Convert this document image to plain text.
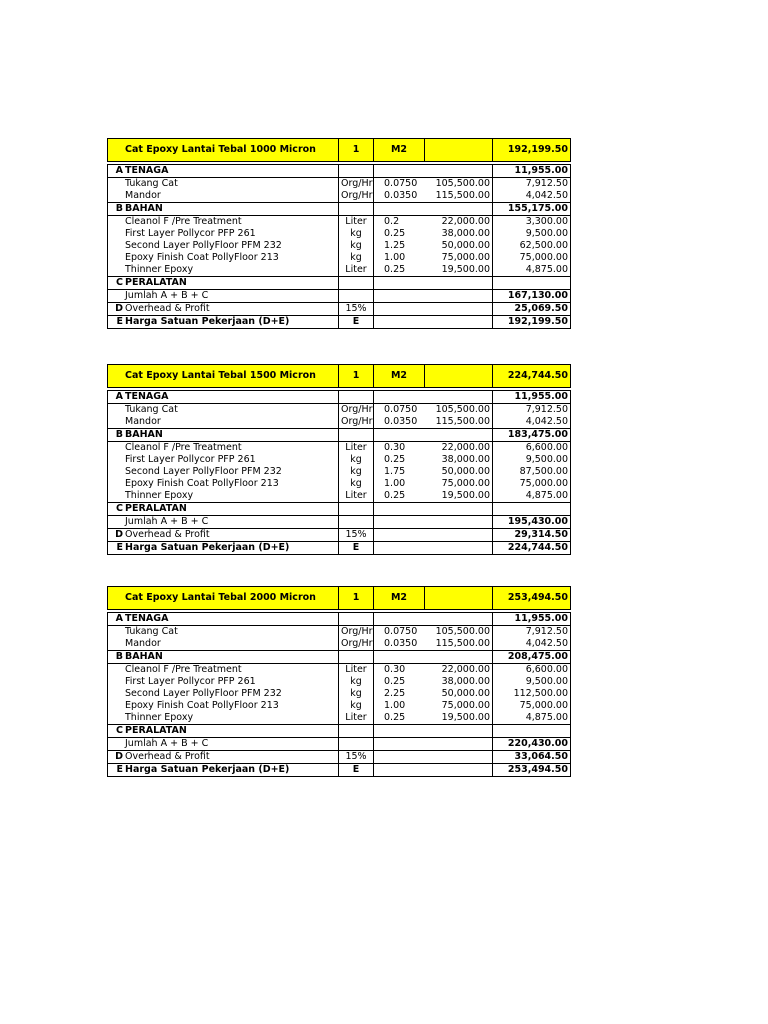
	Cat Epoxy Lantai Tebal 1000 Micron	1	M2		192,199.50

A	TENAGA				11,955.00
	Tukang Cat	Org/Hr	0.0750	105,500.00	7,912.50
	Mandor	Org/Hr	0.0350	115,500.00	4,042.50
B	BAHAN				155,175.00
	Cleanol F /Pre Treatment	Liter	0.2	22,000.00	3,300.00
	First Layer Pollycor PFP 261	kg	0.25	38,000.00	9,500.00
	Second Layer PollyFloor PFM 232	kg	1.25	50,000.00	62,500.00
	Epoxy Finish Coat PollyFloor 213	kg	1.00	75,000.00	75,000.00
	Thinner Epoxy	Liter	0.25	19,500.00	4,875.00
C	PERALATAN				
	Jumlah A + B + C				167,130.00
D	Overhead & Profit	15%			25,069.50
E	Harga Satuan Pekerjaan (D+E)	E			192,199.50
	Cat Epoxy Lantai Tebal 1500 Micron	1	M2		224,744.50

A	TENAGA				11,955.00
	Tukang Cat	Org/Hr	0.0750	105,500.00	7,912.50
	Mandor	Org/Hr	0.0350	115,500.00	4,042.50
B	BAHAN				183,475.00
	Cleanol F /Pre Treatment	Liter	0.30	22,000.00	6,600.00
	First Layer Pollycor PFP 261	kg	0.25	38,000.00	9,500.00
	Second Layer PollyFloor PFM 232	kg	1.75	50,000.00	87,500.00
	Epoxy Finish Coat PollyFloor 213	kg	1.00	75,000.00	75,000.00
	Thinner Epoxy	Liter	0.25	19,500.00	4,875.00
C	PERALATAN				
	Jumlah A + B + C				195,430.00
D	Overhead & Profit	15%			29,314.50
E	Harga Satuan Pekerjaan (D+E)	E			224,744.50
	Cat Epoxy Lantai Tebal 2000 Micron	1	M2		253,494.50

A	TENAGA				11,955.00
	Tukang Cat	Org/Hr	0.0750	105,500.00	7,912.50
	Mandor	Org/Hr	0.0350	115,500.00	4,042.50
B	BAHAN				208,475.00
	Cleanol F /Pre Treatment	Liter	0.30	22,000.00	6,600.00
	First Layer Pollycor PFP 261	kg	0.25	38,000.00	9,500.00
	Second Layer PollyFloor PFM 232	kg	2.25	50,000.00	112,500.00
	Epoxy Finish Coat PollyFloor 213	kg	1.00	75,000.00	75,000.00
	Thinner Epoxy	Liter	0.25	19,500.00	4,875.00
C	PERALATAN				
	Jumlah A + B + C				220,430.00
D	Overhead & Profit	15%			33,064.50
E	Harga Satuan Pekerjaan (D+E)	E			253,494.50
